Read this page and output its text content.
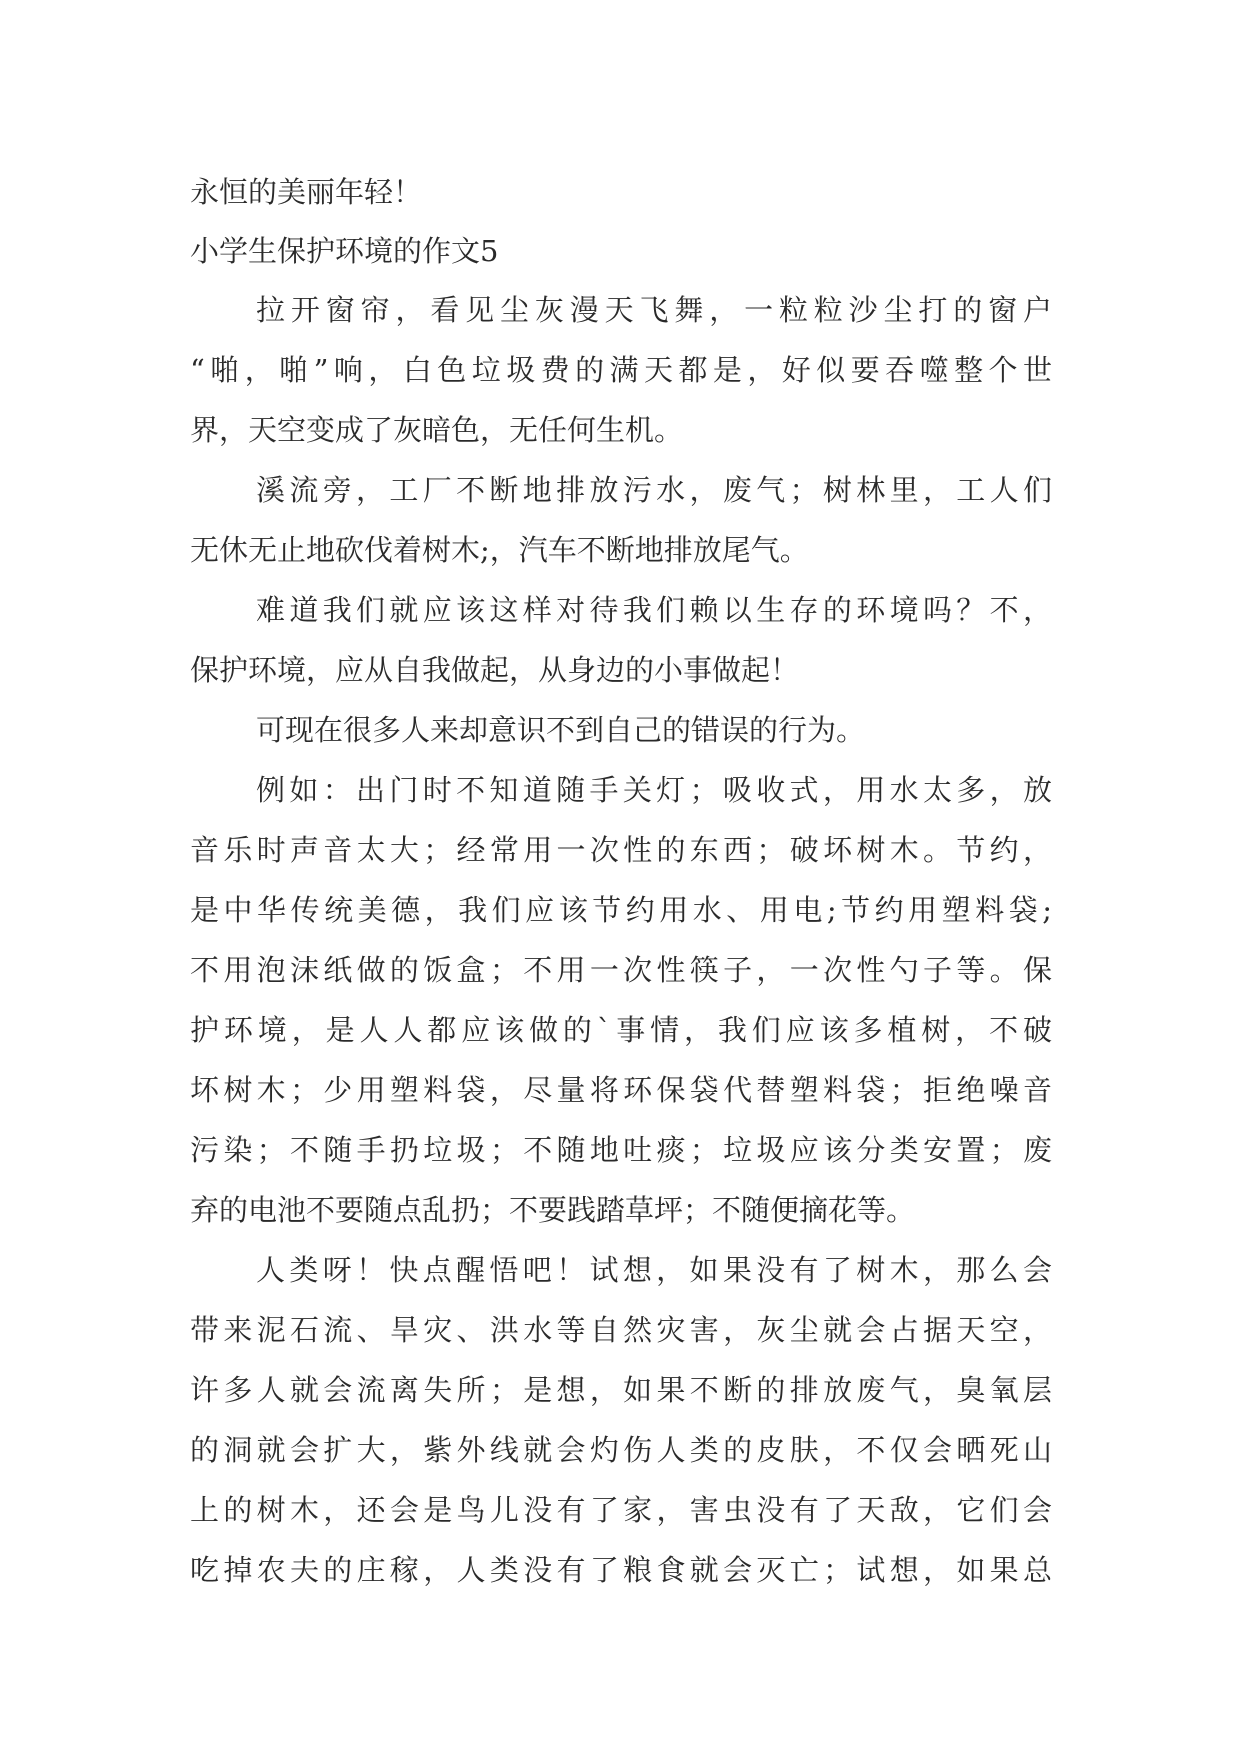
永恒的美丽年轻！
小学生保护环境的作文5
拉开窗帘，看见尘灰漫天飞舞，一粒粒沙尘打的窗户
“啪，啪”响，白色垃圾费的满天都是，好似要吞噬整个世
界，天空变成了灰暗色，无任何生机。
溪流旁，工厂不断地排放污水，废气；树林里，工人们
无休无止地砍伐着树木;，汽车不断地排放尾气。
难道我们就应该这样对待我们赖以生存的环境吗？不，
保护环境，应从自我做起，从身边的小事做起！
可现在很多人来却意识不到自己的错误的行为。
例如：出门时不知道随手关灯；吸收式，用水太多，放
音乐时声音太大；经常用一次性的东西；破坏树木。节约，
是中华传统美德，我们应该节约用水、用电;节约用塑料袋;
不用泡沫纸做的饭盒；不用一次性筷子，一次性勺子等。保
护环境，是人人都应该做的`事情，我们应该多植树，不破
坏树木；少用塑料袋，尽量将环保袋代替塑料袋；拒绝噪音
污染；不随手扔垃圾；不随地吐痰；垃圾应该分类安置；废
弃的电池不要随点乱扔；不要践踏草坪；不随便摘花等。
人类呀！快点醒悟吧！试想，如果没有了树木，那么会
带来泥石流、旱灾、洪水等自然灾害，灰尘就会占据天空，
许多人就会流离失所；是想，如果不断的排放废气，臭氧层
的洞就会扩大，紫外线就会灼伤人类的皮肤，不仅会晒死山
上的树木，还会是鸟儿没有了家，害虫没有了天敌，它们会
吃掉农夫的庄稼，人类没有了粮食就会灭亡；试想，如果总
